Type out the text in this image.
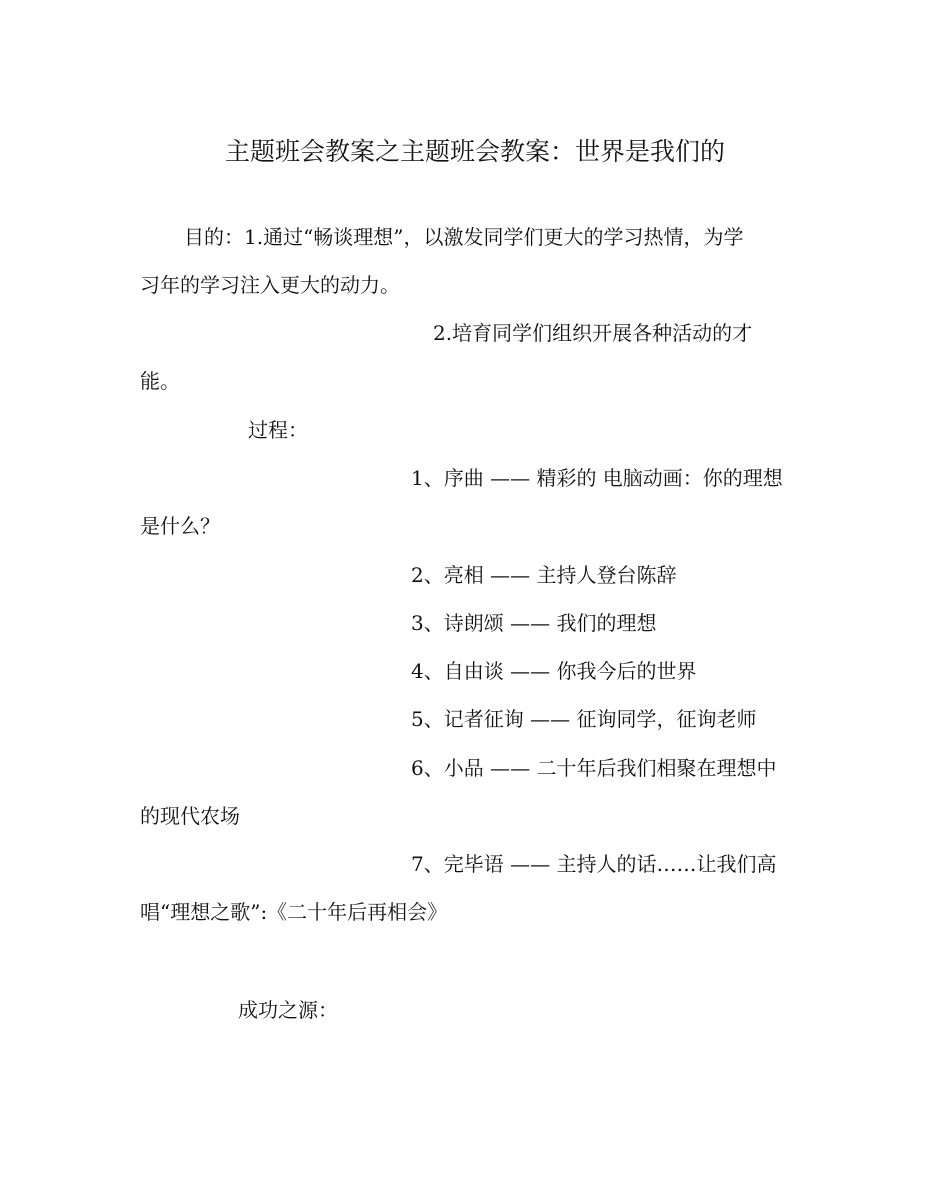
主题班会教案之主题班会教案：世界是我们的
目的：1.通过“畅谈理想”，以激发同学们更大的学习热情，为学
习年的学习注入更大的动力。
2.培育同学们组织开展各种活动的才
能。
过程：
1、序曲 —— 精彩的 电脑动画：你的理想
是什么？
2、亮相 —— 主持人登台陈辞
3、诗朗颂 —— 我们的理想
4、自由谈 —— 你我今后的世界
5、记者征询 —— 征询同学，征询老师
6、小品 —— 二十年后我们相聚在理想中
的现代农场
7、完毕语 —— 主持人的话……让我们高
唱“理想之歌”:《二十年后再相会》
成功之源：
